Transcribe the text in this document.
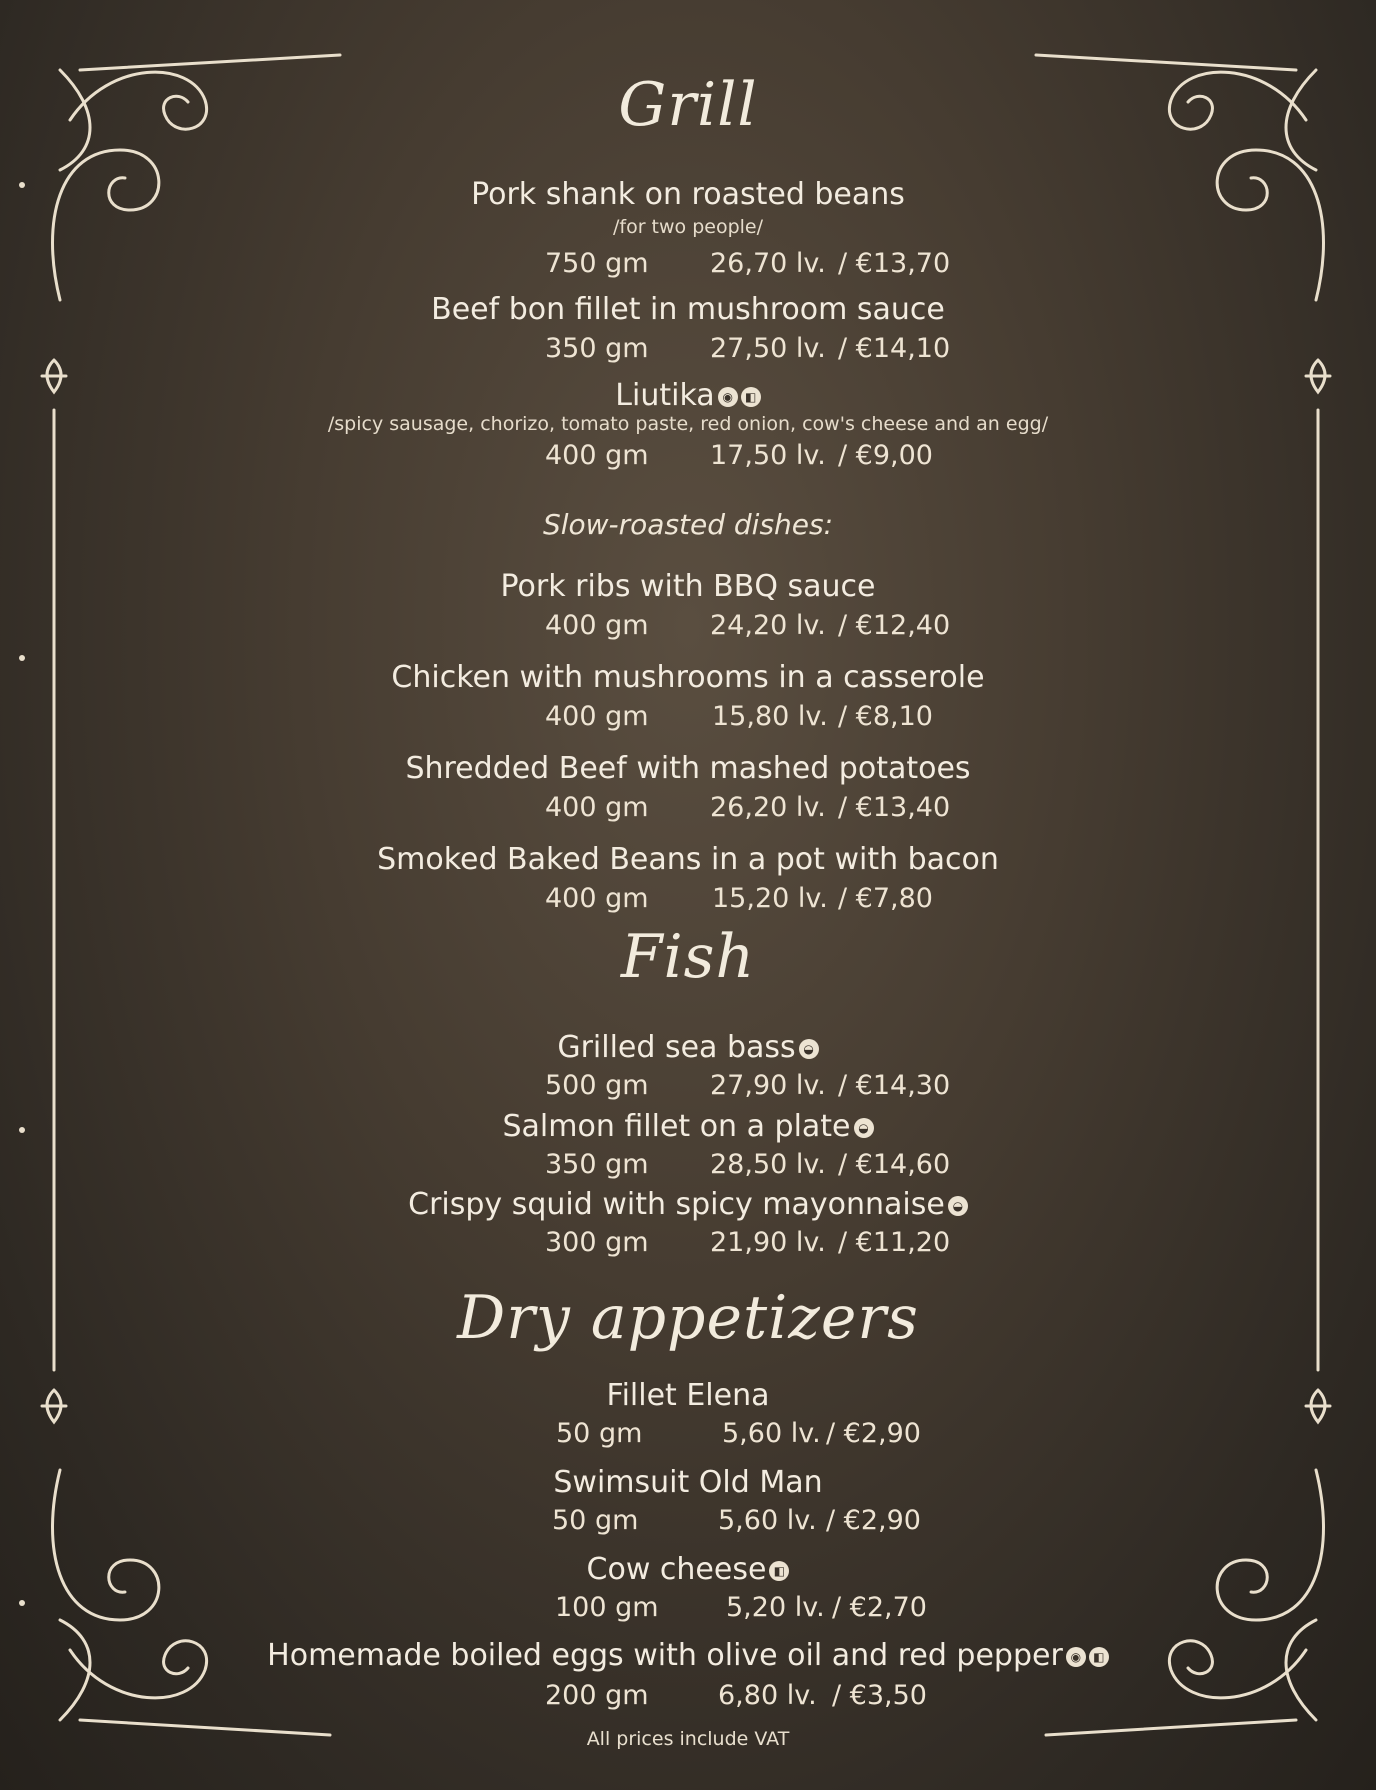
Grill
Pork shank on roasted beans
/for two people/
750 gm 26,70 lv. / €13,70
Beef bon fillet in mushroom sauce
350 gm 27,50 lv. / €14,10
Liutika ◉ ◧
/spicy sausage, chorizo, tomato paste, red onion, cow's cheese and an egg/
400 gm 17,50 lv. / €9,00
Slow-roasted dishes:
Pork ribs with BBQ sauce
400 gm 24,20 lv. / €12,40
Chicken with mushrooms in a casserole
400 gm 15,80 lv. / €8,10
Shredded Beef with mashed potatoes
400 gm 26,20 lv. / €13,40
Smoked Baked Beans in a pot with bacon
400 gm 15,20 lv. / €7,80
Fish
Grilled sea bass ◒
500 gm 27,90 lv. / €14,30
Salmon fillet on a plate ◒
350 gm 28,50 lv. / €14,60
Crispy squid with spicy mayonnaise ◒
300 gm 21,90 lv. / €11,20
Dry appetizers
Fillet Elena
50 gm	5,60 lv. / €2,90
Swimsuit Old Man
50 gm	5,60 lv. / €2,90
Cow cheese ◧
100 gm 5,20 lv. / €2,70
Homemade boiled eggs with olive oil and red pepper ◉ ◧
200 gm	6,80 lv. / €3,50
All prices include VAT
